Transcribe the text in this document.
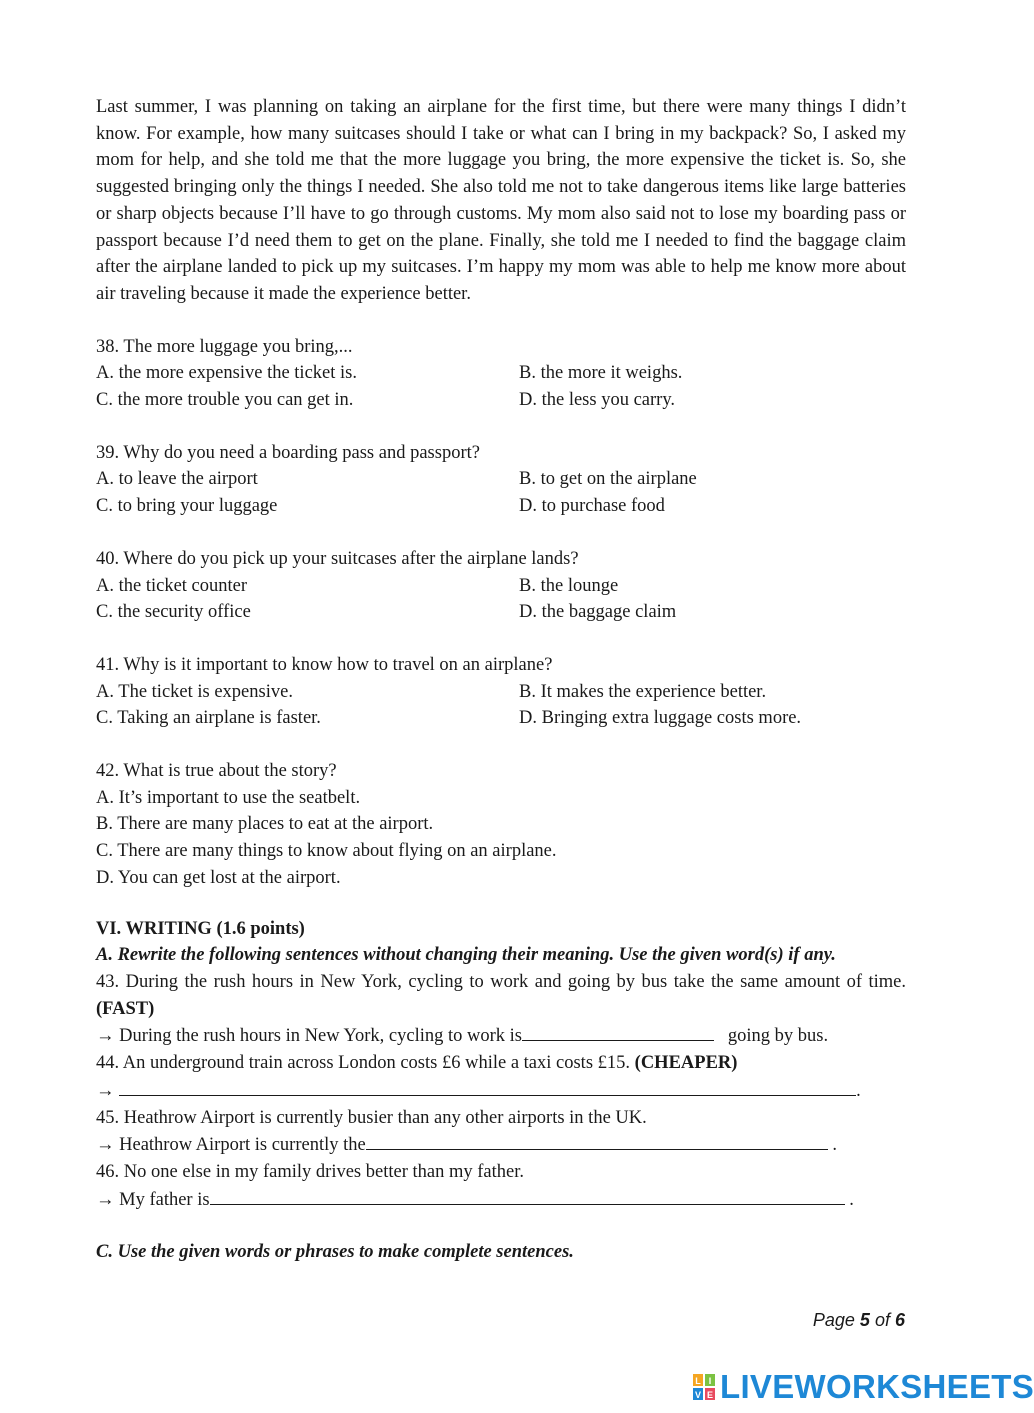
Last summer, I was planning on taking an airplane for the first time, but there were many things I didn’t know. For example, how many suitcases should I take or what can I bring in my backpack? So, I asked my mom for help, and she told me that the more luggage you bring, the more expensive the ticket is. So, she suggested bringing only the things I needed. She also told me not to take dangerous items like large batteries or sharp objects because I’ll have to go through customs. My mom also said not to lose my boarding pass or passport because I’d need them to get on the plane. Finally, she told me I needed to find the baggage claim after the airplane landed to pick up my suitcases. I’m happy my mom was able to help me know more about air traveling because it made the experience better.

38. The more luggage you bring,...
A. the more expensive the ticket is.	B. the more it weighs.
C. the more trouble you can get in.	D. the less you carry.
39. Why do you need a boarding pass and passport?
A. to leave the airport	B. to get on the airplane
C. to bring your luggage	D. to purchase food
40. Where do you pick up your suitcases after the airplane lands?
A. the ticket counter	B. the lounge
C. the security office	D. the baggage claim
41. Why is it important to know how to travel on an airplane?
A. The ticket is expensive.	B. It makes the experience better.
C. Taking an airplane is faster.	D. Bringing extra luggage costs more.
42. What is true about the story?
A. It’s important to use the seatbelt.
B. There are many places to eat at the airport.
C. There are many things to know about flying on an airplane.
D. You can get lost at the airport.
VI. WRITING (1.6 points)
A. Rewrite the following sentences without changing their meaning. Use the given word(s) if any.
43. During the rush hours in New York, cycling to work and going by bus take the same amount of time. (FAST)
→ During the rush hours in New York, cycling to work is	going by bus.
44. An underground train across London costs £6 while a taxi costs £15. (CHEAPER)
→	.
45. Heathrow Airport is currently busier than any other airports in the UK.
→ Heathrow Airport is currently the	.
46. No one else in my family drives better than my father.
→ My father is	.
C. Use the given words or phrases to make complete sentences.
Page 5 of 6
L I
V E LIVEWORKSHEETS
